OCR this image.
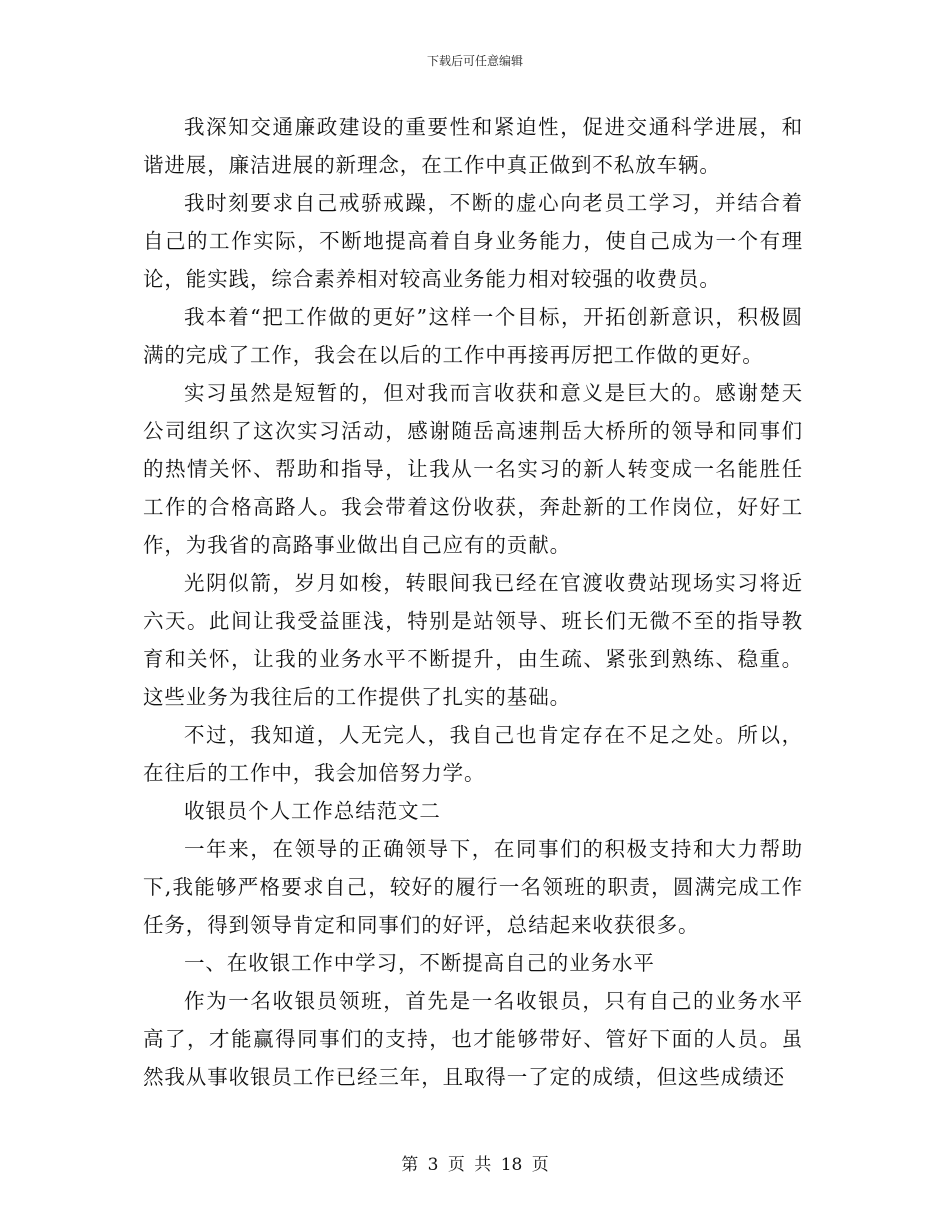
下载后可任意编辑

我深知交通廉政建设的重要性和紧迫性，促进交通科学进展，和谐进展，廉洁进展的新理念，在工作中真正做到不私放车辆。

我时刻要求自己戒骄戒躁，不断的虚心向老员工学习，并结合着自己的工作实际，不断地提高着自身业务能力，使自己成为一个有理论，能实践，综合素养相对较高业务能力相对较强的收费员。

我本着“把工作做的更好”这样一个目标，开拓创新意识，积极圆满的完成了工作，我会在以后的工作中再接再厉把工作做的更好。

实习虽然是短暂的，但对我而言收获和意义是巨大的。感谢楚天公司组织了这次实习活动，感谢随岳高速荆岳大桥所的领导和同事们的热情关怀、帮助和指导，让我从一名实习的新人转变成一名能胜任工作的合格高路人。我会带着这份收获，奔赴新的工作岗位，好好工作，为我省的高路事业做出自己应有的贡献。

光阴似箭，岁月如梭，转眼间我已经在官渡收费站现场实习将近六天。此间让我受益匪浅，特别是站领导、班长们无微不至的指导教育和关怀，让我的业务水平不断提升，由生疏、紧张到熟练、稳重。这些业务为我往后的工作提供了扎实的基础。

不过，我知道，人无完人，我自己也肯定存在不足之处。所以，在往后的工作中，我会加倍努力学。

收银员个人工作总结范文二

一年来，在领导的正确领导下，在同事们的积极支持和大力帮助下,我能够严格要求自己，较好的履行一名领班的职责，圆满完成工作任务，得到领导肯定和同事们的好评，总结起来收获很多。

一、在收银工作中学习，不断提高自己的业务水平

作为一名收银员领班，首先是一名收银员，只有自己的业务水平高了，才能赢得同事们的支持，也才能够带好、管好下面的人员。虽然我从事收银员工作已经三年，且取得一了定的成绩，但这些成绩还

第 3 页 共 18 页
